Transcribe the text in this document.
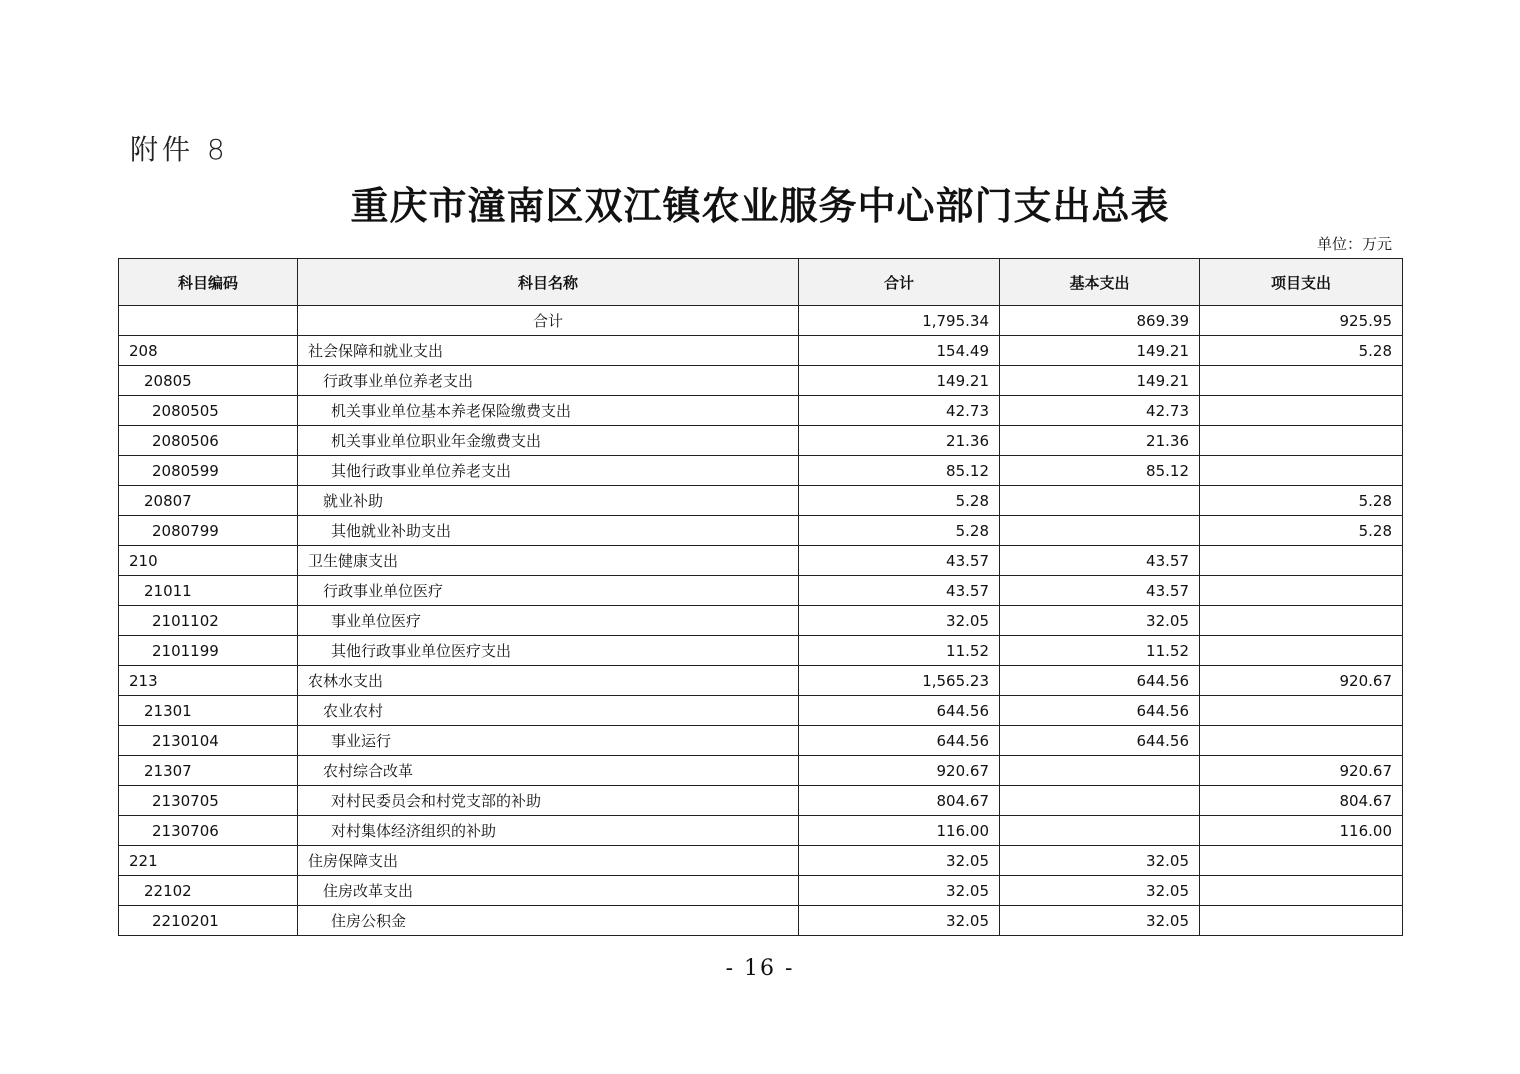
附件 8
重庆市潼南区双江镇农业服务中心部门支出总表
单位：万元
科目编码	科目名称	合计	基本支出	项目支出
	合计	1,795.34	869.39	925.95
208	社会保障和就业支出	154.49	149.21	5.28
20805	行政事业单位养老支出	149.21	149.21	
2080505	机关事业单位基本养老保险缴费支出	42.73	42.73	
2080506	机关事业单位职业年金缴费支出	21.36	21.36	
2080599	其他行政事业单位养老支出	85.12	85.12	
20807	就业补助	5.28		5.28
2080799	其他就业补助支出	5.28		5.28
210	卫生健康支出	43.57	43.57	
21011	行政事业单位医疗	43.57	43.57	
2101102	事业单位医疗	32.05	32.05	
2101199	其他行政事业单位医疗支出	11.52	11.52	
213	农林水支出	1,565.23	644.56	920.67
21301	农业农村	644.56	644.56	
2130104	事业运行	644.56	644.56	
21307	农村综合改革	920.67		920.67
2130705	对村民委员会和村党支部的补助	804.67		804.67
2130706	对村集体经济组织的补助	116.00		116.00
221	住房保障支出	32.05	32.05	
22102	住房改革支出	32.05	32.05	
2210201	住房公积金	32.05	32.05	
- 16 -
